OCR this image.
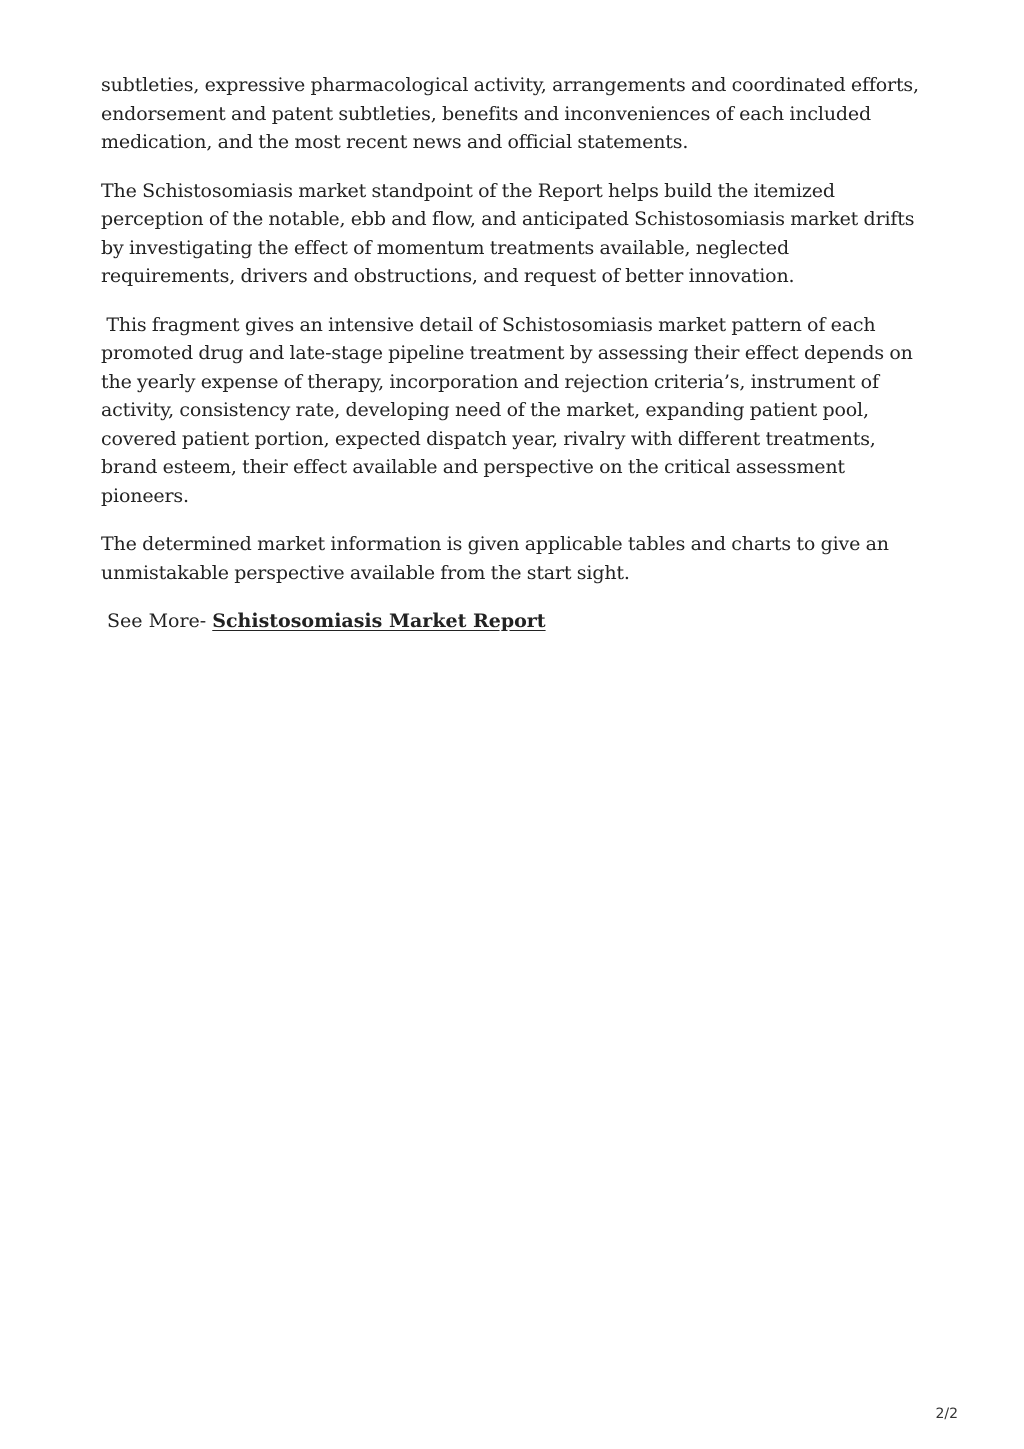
subtleties, expressive pharmacological activity, arrangements and coordinated efforts, endorsement and patent subtleties, benefits and inconveniences of each included medication, and the most recent news and official statements.

The Schistosomiasis market standpoint of the Report helps build the itemized perception of the notable, ebb and flow, and anticipated Schistosomiasis market drifts by investigating the effect of momentum treatments available, neglected requirements, drivers and obstructions, and request of better innovation.

This fragment gives an intensive detail of Schistosomiasis market pattern of each promoted drug and late-stage pipeline treatment by assessing their effect depends on the yearly expense of therapy, incorporation and rejection criteria’s, instrument of activity, consistency rate, developing need of the market, expanding patient pool, covered patient portion, expected dispatch year, rivalry with different treatments, brand esteem, their effect available and perspective on the critical assessment pioneers.

The determined market information is given applicable tables and charts to give an unmistakable perspective available from the start sight.

See More- Schistosomiasis Market Report

2/2
